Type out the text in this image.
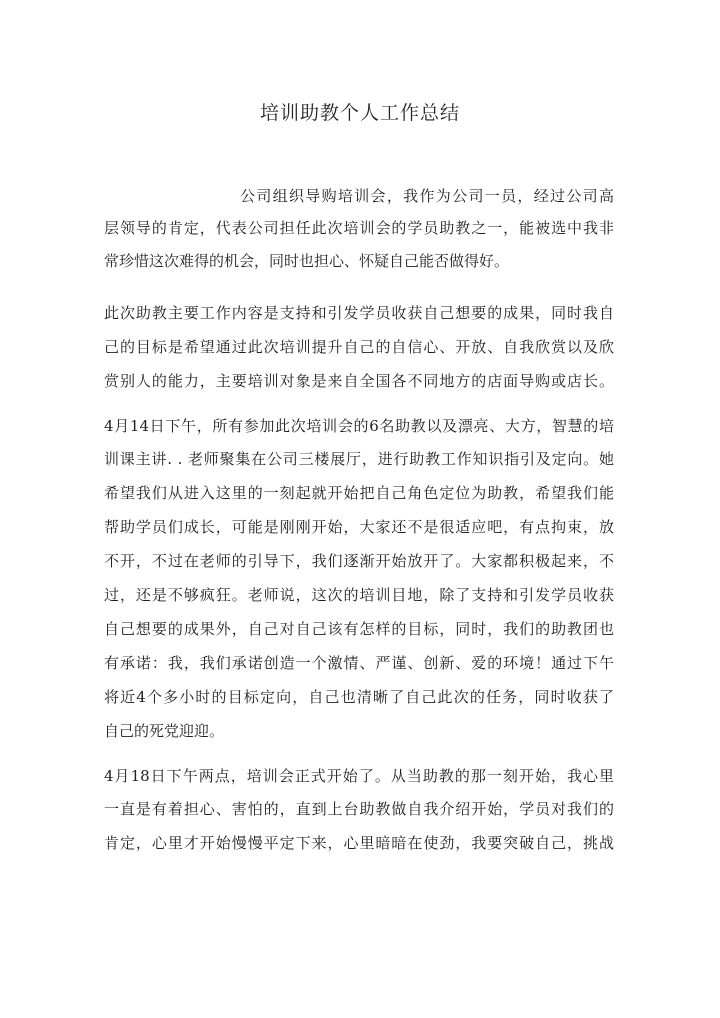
培训助教个人工作总结
公司组织导购培训会，我作为公司一员，经过公司高
层领导的肯定，代表公司担任此次培训会的学员助教之一，能被选中我非
常珍惜这次难得的机会，同时也担心、怀疑自己能否做得好。
此次助教主要工作内容是支持和引发学员收获自己想要的成果，同时我自
己的目标是希望通过此次培训提升自己的自信心、开放、自我欣赏以及欣
赏别人的能力，主要培训对象是来自全国各不同地方的店面导购或店长。
4月14日下午，所有参加此次培训会的6名助教以及漂亮、大方，智慧的培
训课主讲. . 老师聚集在公司三楼展厅，进行助教工作知识指引及定向。她
希望我们从进入这里的一刻起就开始把自己角色定位为助教，希望我们能
帮助学员们成长，可能是刚刚开始，大家还不是很适应吧，有点拘束，放
不开，不过在老师的引导下，我们逐渐开始放开了。大家都积极起来，不
过，还是不够疯狂。老师说，这次的培训目地，除了支持和引发学员收获
自己想要的成果外，自己对自己该有怎样的目标，同时，我们的助教团也
有承诺：我，我们承诺创造一个激情、严谨、创新、爱的环境！通过下午
将近4个多小时的目标定向，自己也清晰了自己此次的任务，同时收获了
自己的死党迎迎。
4月18日下午两点，培训会正式开始了。从当助教的那一刻开始，我心里
一直是有着担心、害怕的，直到上台助教做自我介绍开始，学员对我们的
肯定，心里才开始慢慢平定下来，心里暗暗在使劲，我要突破自己，挑战
